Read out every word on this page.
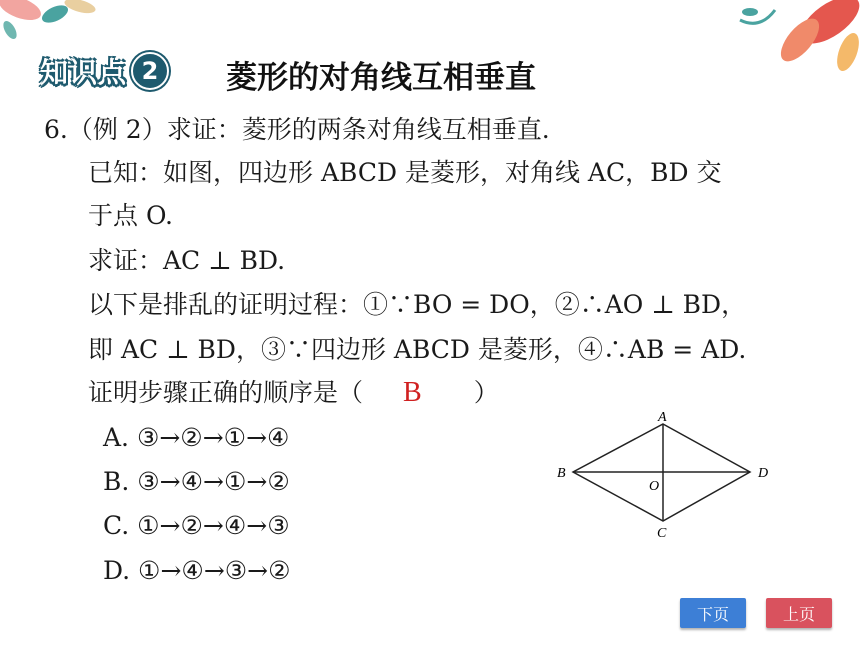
知识点 2	菱形的对角线互相垂直
6.（例 2）求证：菱形的两条对角线互相垂直.
已知：如图，四边形 ABCD 是菱形，对角线 AC，BD 交
于点 O.
求证：AC ⊥ BD.
以下是排乱的证明过程：①∵BO = DO，②∴AO ⊥ BD，
即 AC ⊥ BD，③∵四边形 ABCD 是菱形，④∴AB = AD.
证明步骤正确的顺序是（ B ）
A. ③→②→①→④
B. ③→④→①→②
C. ①→②→④→③
D. ①→④→③→②
A
B
C
D
O
下页	上页
